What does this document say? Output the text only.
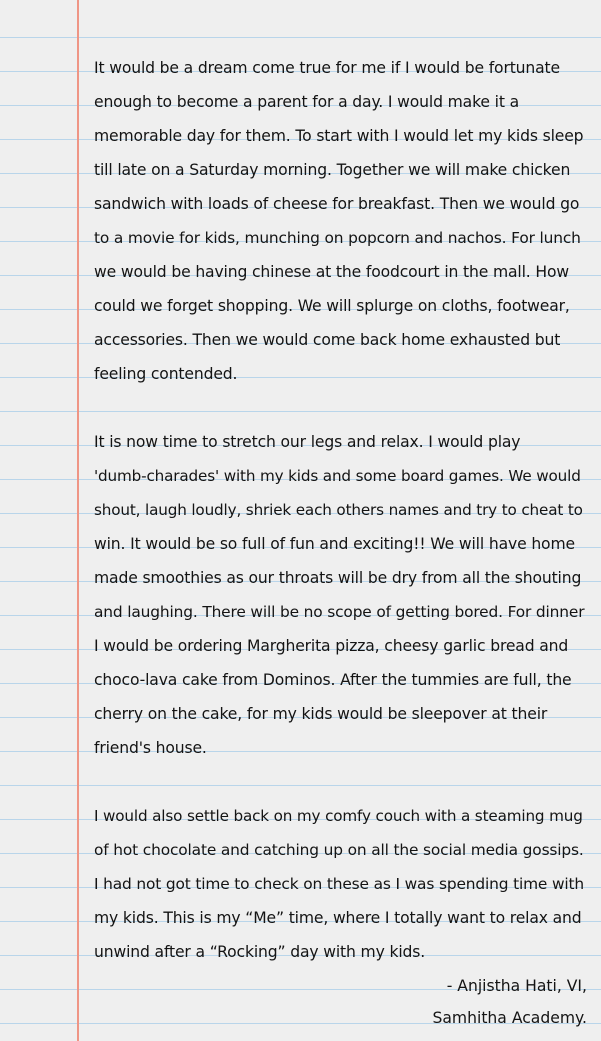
It would be a dream come true for me if I would be fortunate
enough to become a parent for a day. I would make it a
memorable day for them. To start with I would let my kids sleep
till late on a Saturday morning. Together we will make chicken
sandwich with loads of cheese for breakfast. Then we would go
to a movie for kids, munching on popcorn and nachos. For lunch
we would be having chinese at the foodcourt in the mall. How
could we forget shopping. We will splurge on cloths, footwear,
accessories. Then we would come back home exhausted but
feeling contended.
It is now time to stretch our legs and relax. I would play
'dumb-charades' with my kids and some board games. We would
shout, laugh loudly, shriek each others names and try to cheat to
win. It would be so full of fun and exciting!! We will have home
made smoothies as our throats will be dry from all the shouting
and laughing. There will be no scope of getting bored. For dinner
I would be ordering Margherita pizza, cheesy garlic bread and
choco-lava cake from Dominos. After the tummies are full, the
cherry on the cake, for my kids would be sleepover at their
friend's house.
I would also settle back on my comfy couch with a steaming mug
of hot chocolate and catching up on all the social media gossips.
I had not got time to check on these as I was spending time with
my kids. This is my “Me” time, where I totally want to relax and
unwind after a “Rocking” day with my kids.
- Anjistha Hati, VI,
Samhitha Academy.
